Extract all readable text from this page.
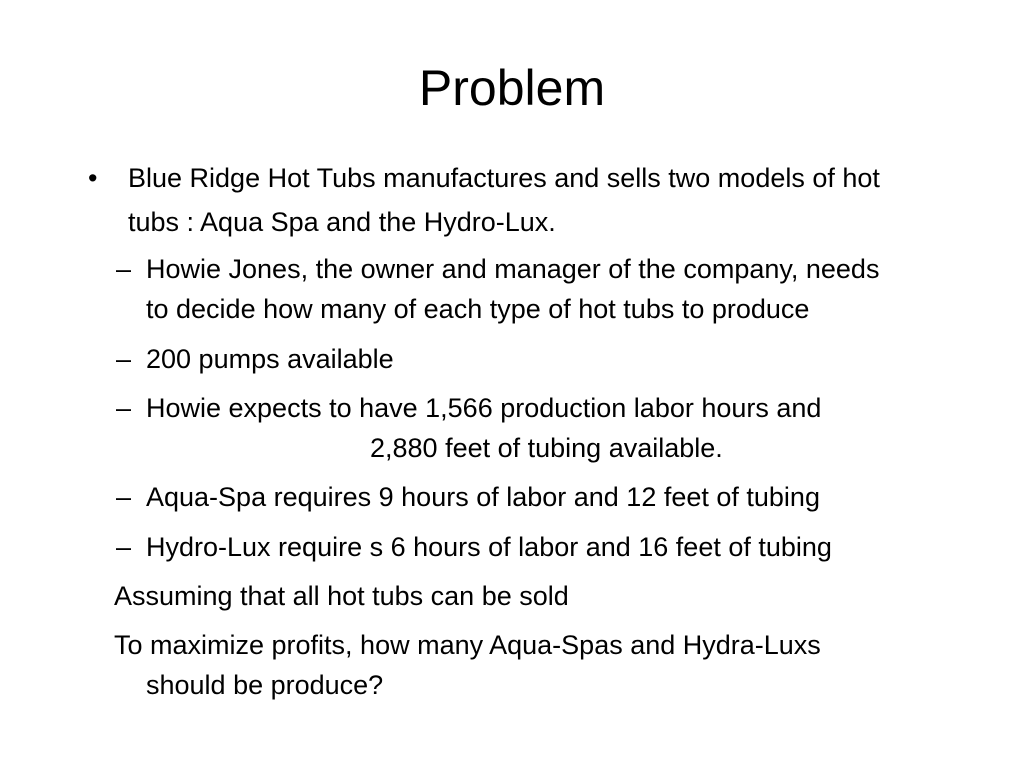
Problem
• Blue Ridge Hot Tubs manufactures and sells two models of hot

tubs : Aqua Spa and the Hydro-Lux.

– Howie Jones, the owner and manager of the company, needs

to decide how many of each type of hot tubs to produce

– 200 pumps available

– Howie expects to have 1,566 production labor hours and

2,880 feet of tubing available.

– Aqua-Spa requires 9 hours of labor and 12 feet of tubing

– Hydro-Lux require s 6 hours of labor and 16 feet of tubing

Assuming that all hot tubs can be sold

To maximize profits, how many Aqua-Spas and Hydra-Luxs

should be produce?
